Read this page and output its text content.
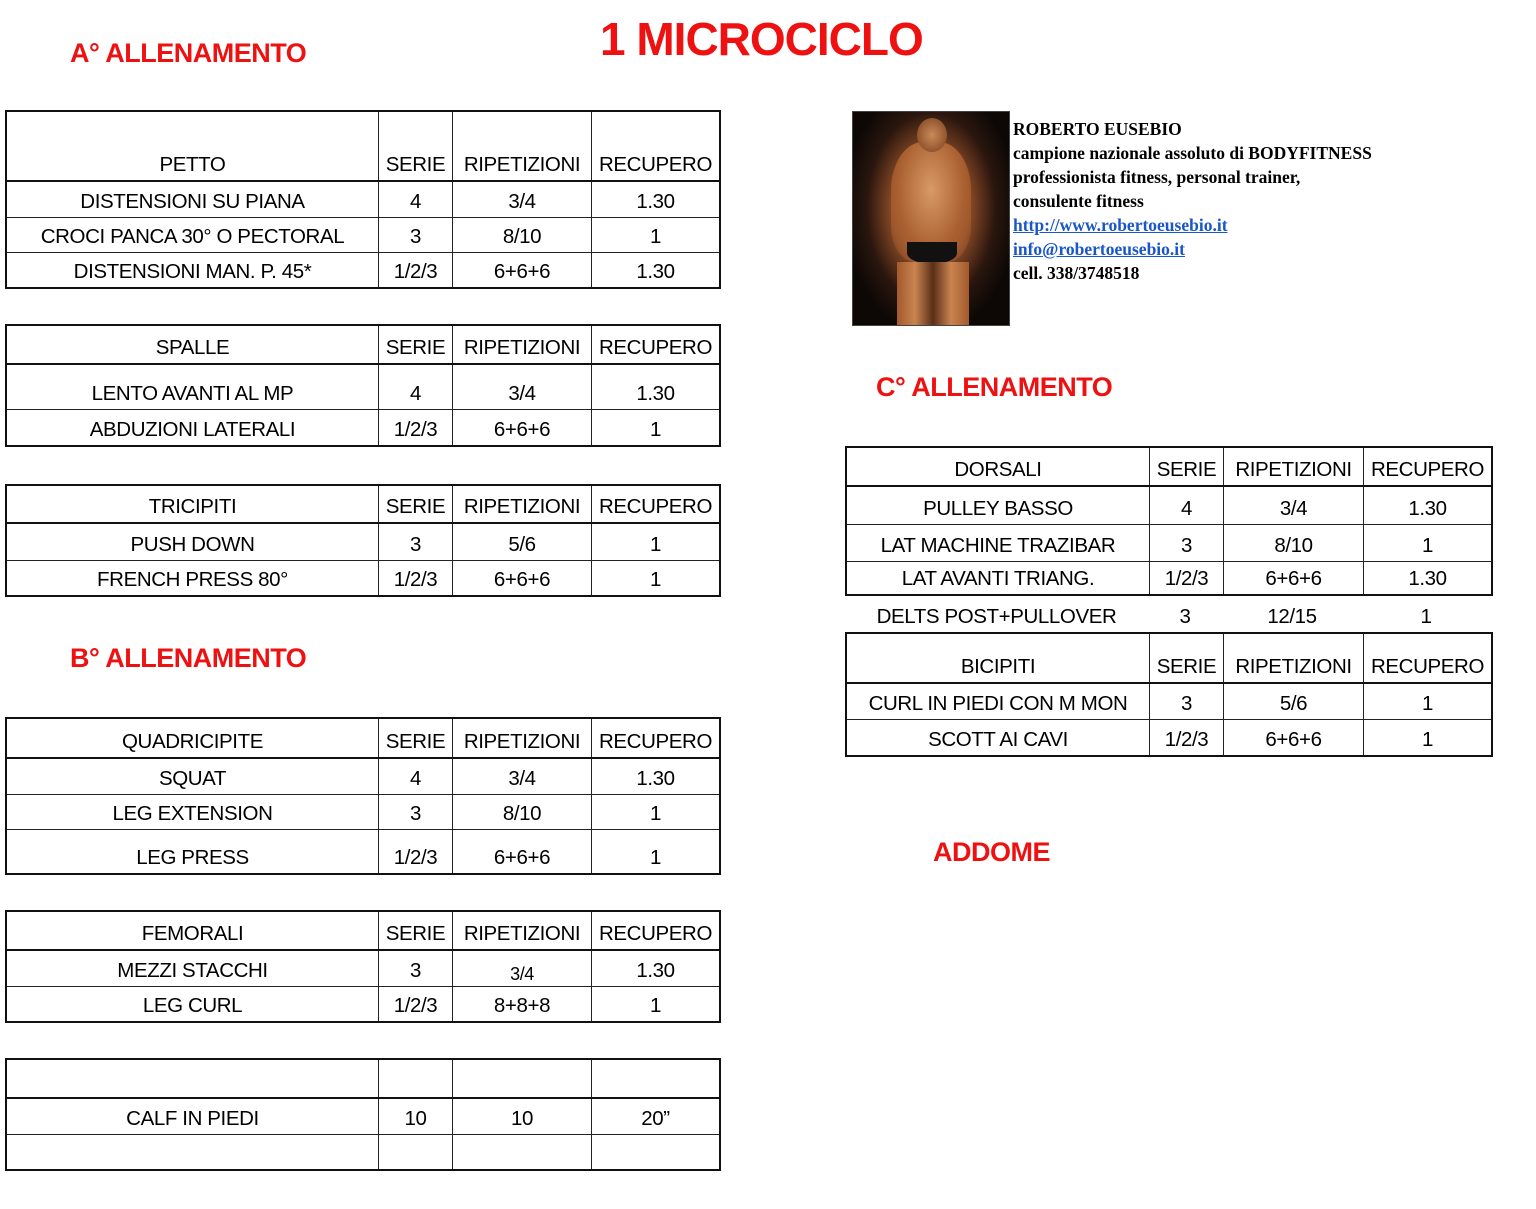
1 MICROCICLO
A° ALLENAMENTO
B° ALLENAMENTO
C° ALLENAMENTO
ADDOME
ROBERTO EUSEBIO
campione nazionale assoluto di BODYFITNESS
professionista fitness, personal trainer,
consulente fitness
http://www.robertoeusebio.it
info@robertoeusebio.it
cell. 338/3748518
PETTO	SERIE	RIPETIZIONI	RECUPERO
DISTENSIONI SU PIANA	4	3/4	1.30
CROCI PANCA 30° O PECTORAL	3	8/10	1
DISTENSIONI MAN. P. 45*	1/2/3	6+6+6	1.30
SPALLE	SERIE	RIPETIZIONI	RECUPERO
LENTO AVANTI AL MP	4	3/4	1.30
ABDUZIONI LATERALI	1/2/3	6+6+6	1
TRICIPITI	SERIE	RIPETIZIONI	RECUPERO
PUSH DOWN	3	5/6	1
FRENCH PRESS 80°	1/2/3	6+6+6	1
QUADRICIPITE	SERIE	RIPETIZIONI	RECUPERO
SQUAT	4	3/4	1.30
LEG EXTENSION	3	8/10	1
LEG PRESS	1/2/3	6+6+6	1
FEMORALI	SERIE	RIPETIZIONI	RECUPERO
MEZZI STACCHI	3	3/4	1.30
LEG CURL	1/2/3	8+8+8	1

CALF IN PIEDI	10	10	20”

DORSALI	SERIE	RIPETIZIONI	RECUPERO
PULLEY BASSO	4	3/4	1.30
LAT MACHINE TRAZIBAR	3	8/10	1
LAT AVANTI TRIANG.	1/2/3	6+6+6	1.30
DELTS POST+PULLOVER	3	12/15	1
BICIPITI	SERIE	RIPETIZIONI	RECUPERO
CURL IN PIEDI CON M MON	3	5/6	1
SCOTT AI CAVI	1/2/3	6+6+6	1
